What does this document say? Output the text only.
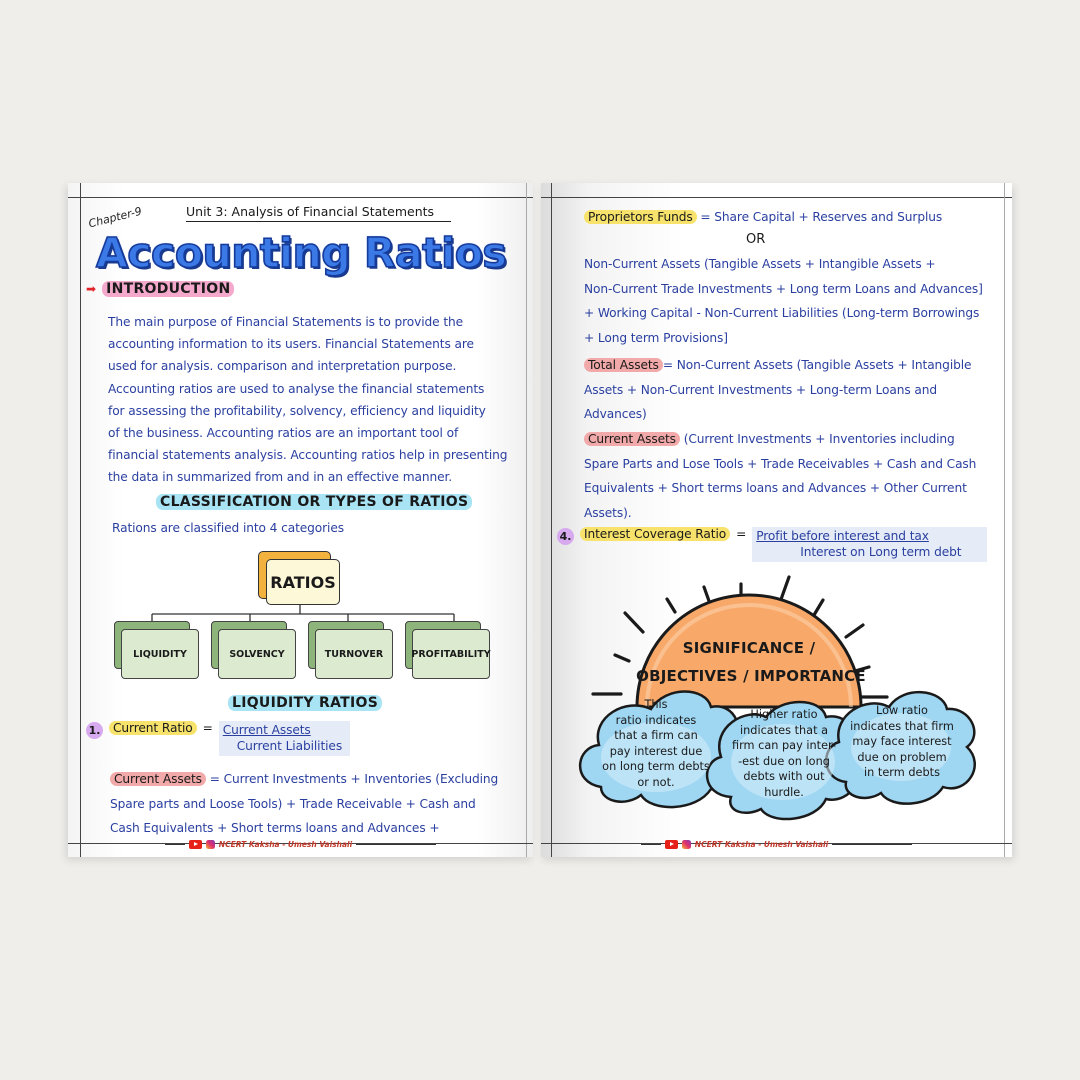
Chapter-9	Unit 3: Analysis of Financial Statements
Accounting Ratios
➡ INTRODUCTION
The main purpose of Financial Statements is to provide the
accounting information to its users. Financial Statements are
used for analysis. comparison and interpretation purpose.
Accounting ratios are used to analyse the financial statements
for assessing the profitability, solvency, efficiency and liquidity
of the business. Accounting ratios are an important tool of
financial statements analysis. Accounting ratios help in presenting
the data in summarized from and in an effective manner.
CLASSIFICATION OR TYPES OF RATIOS
Rations are classified into 4 categories
RATIOS
LIQUIDITY	SOLVENCY	TURNOVER	PROFITABILITY
LIQUIDITY RATIOS
1.	Current Ratio = $\frac{\text{Current Assets}}{\text{Current Liabilities}}$
Current Assets = Current Investments + Inventories (Excluding
Spare parts and Loose Tools) + Trade Receivable + Cash and
Cash Equivalents + Short terms loans and Advances +
NCERT Kaksha - Umesh Vaishali
Proprietors Funds = Share Capital + Reserves and Surplus
OR
Non-Current Assets (Tangible Assets + Intangible Assets +
Non-Current Trade Investments + Long term Loans and Advances]
+ Working Capital - Non-Current Liabilities (Long-term Borrowings
+ Long term Provisions]
Total Assets = Non-Current Assets (Tangible Assets + Intangible
Assets + Non-Current Investments + Long-term Loans and
Advances)
Current Assets (Current Investments + Inventories including
Spare Parts and Lose Tools + Trade Receivables + Cash and Cash
Equivalents + Short terms loans and Advances + Other Current
Assets).
4.	Interest Coverage Ratio = $\frac{\text{Profit before interest and tax}}{\text{Interest on Long term debt}}$
SIGNIFICANCE /
OBJECTIVES / IMPORTANCE
This
ratio indicates
that a firm can
pay interest due
on long term debts
or not.
Higher ratio
indicates that a
firm can pay inter-
-est due on long
debts with out
hurdle.
Low ratio
indicates that firm
may face interest
due on problem
in term debts
NCERT Kaksha - Umesh Vaishali
